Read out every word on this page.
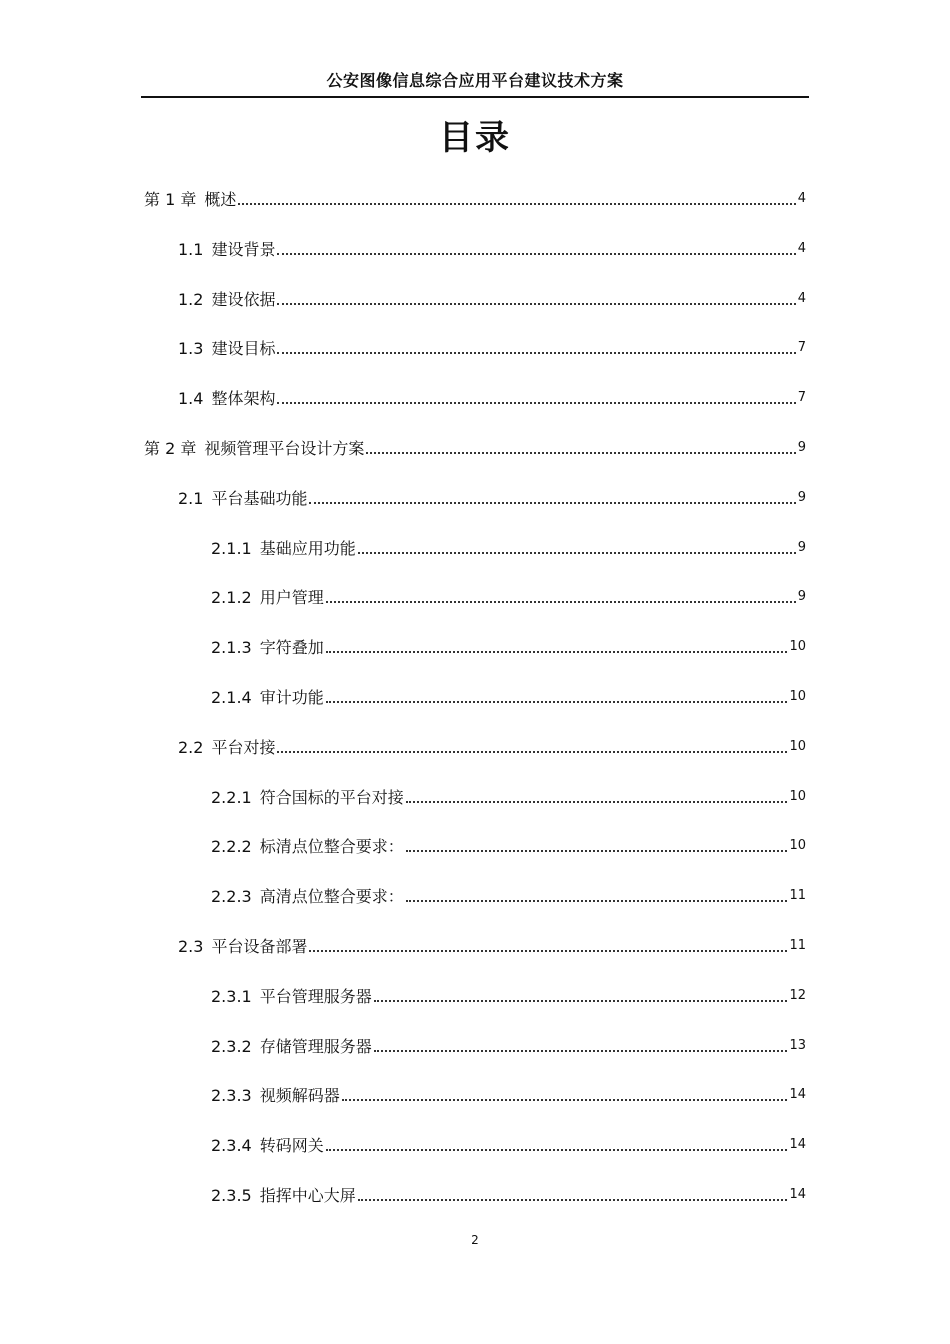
公安图像信息综合应用平台建议技术方案
目录
第 1 章 概述	4
1.1 建设背景	4
1.2 建设依据	4
1.3 建设目标	7
1.4 整体架构	7
第 2 章 视频管理平台设计方案	9
2.1 平台基础功能	9
2.1.1 基础应用功能	9
2.1.2 用户管理	9
2.1.3 字符叠加	10
2.1.4 审计功能	10
2.2 平台对接	10
2.2.1 符合国标的平台对接	10
2.2.2 标清点位整合要求：	10
2.2.3 高清点位整合要求：	11
2.3 平台设备部署	11
2.3.1 平台管理服务器	12
2.3.2 存储管理服务器	13
2.3.3 视频解码器	14
2.3.4 转码网关	14
2.3.5 指挥中心大屏	14
2
